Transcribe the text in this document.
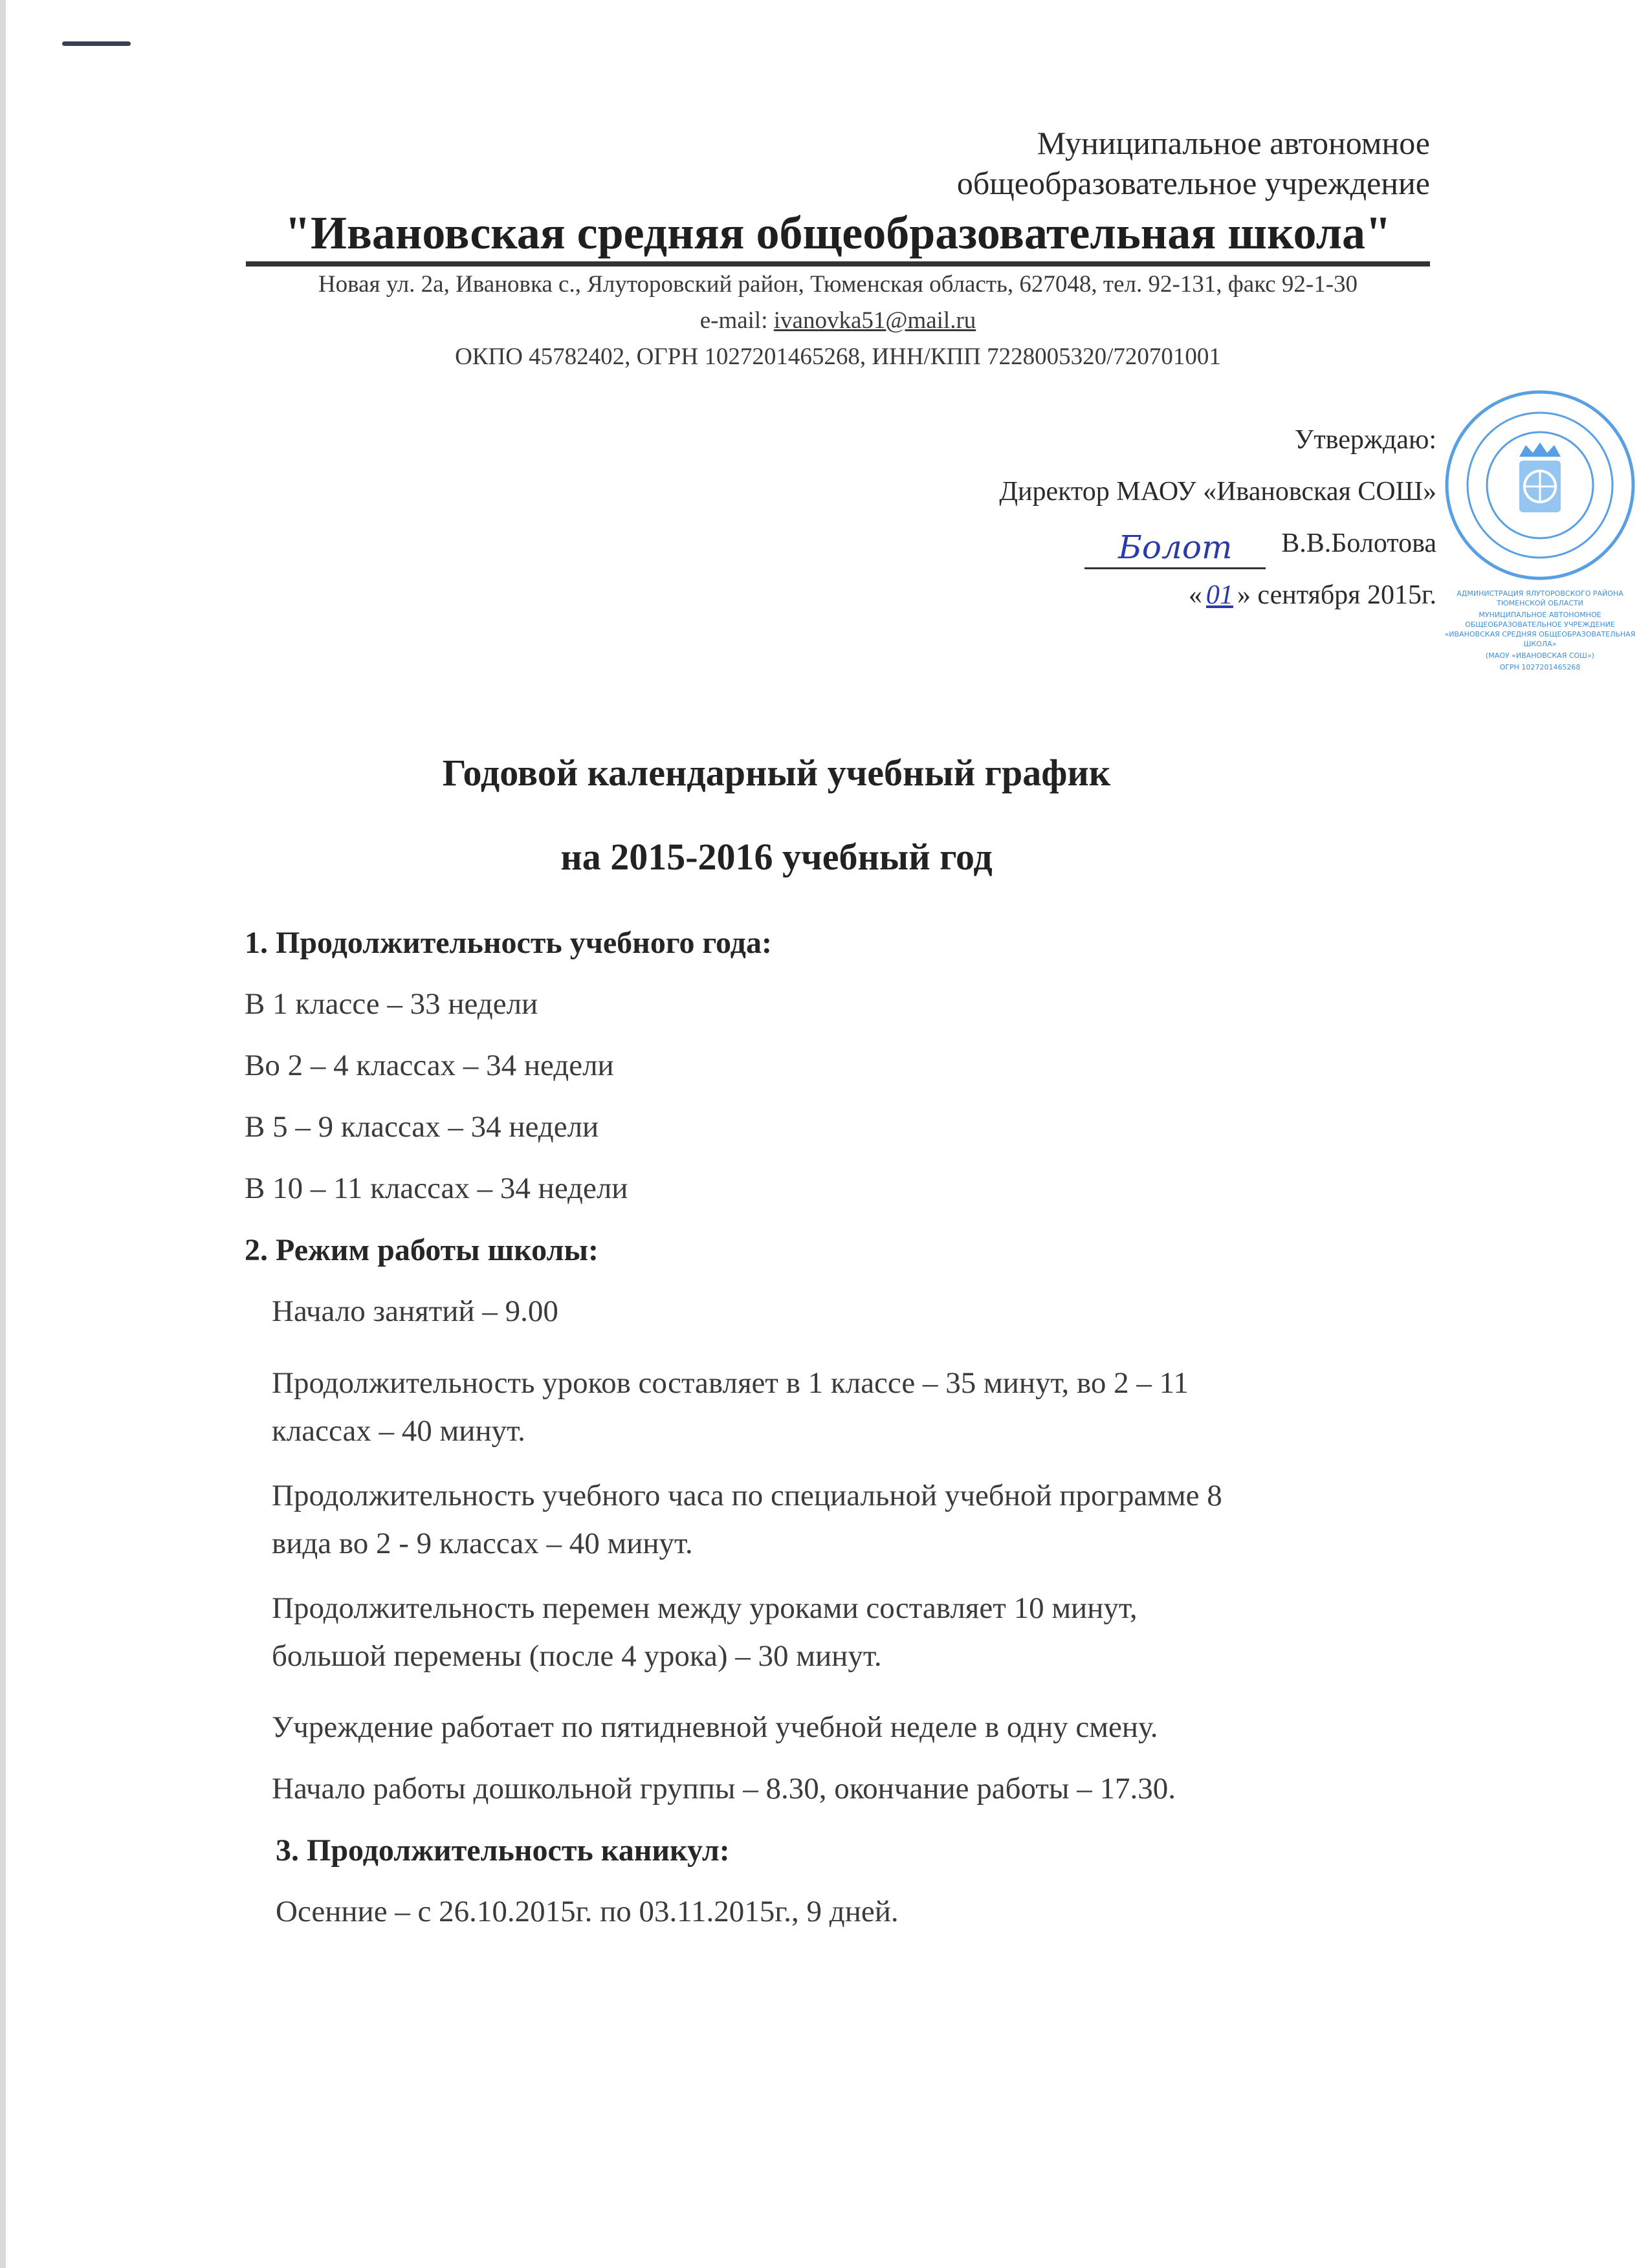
Муниципальное автономное
общеобразовательное учреждение
"Ивановская средняя общеобразовательная школа"
Новая ул. 2а, Ивановка с., Ялуторовский район, Тюменская область, 627048, тел. 92-131, факс 92-1-30
e-mail: ivanovka51@mail.ru
ОКПО 45782402, ОГРН 1027201465268, ИНН/КПП 7228005320/720701001
Утверждаю:
Директор МАОУ «Ивановская СОШ»
Болот	В.В.Болотова
« 01 » сентября 2015г.	АДМИНИСТРАЦИЯ ЯЛУТОРОВСКОГО РАЙОНА ТЮМЕНСКОЙ ОБЛАСТИ
МУНИЦИПАЛЬНОЕ АВТОНОМНОЕ ОБЩЕОБРАЗОВАТЕЛЬНОЕ УЧРЕЖДЕНИЕ «ИВАНОВСКАЯ СРЕДНЯЯ ОБЩЕОБРАЗОВАТЕЛЬНАЯ ШКОЛА»
(МАОУ «ИВАНОВСКАЯ СОШ»)
ОГРН 1027201465268
Годовой календарный учебный график
на 2015-2016 учебный год
1. Продолжительность учебного года:
В 1 классе – 33 недели
Во 2 – 4 классах – 34 недели
В 5 – 9 классах – 34 недели
В 10 – 11 классах – 34 недели
2. Режим работы школы:
Начало занятий – 9.00
Продолжительность уроков составляет в 1 классе – 35 минут, во 2 – 11
классах – 40 минут.
Продолжительность учебного часа по специальной учебной программе 8
вида во 2 - 9 классах – 40 минут.
Продолжительность перемен между уроками составляет 10 минут,
большой перемены (после 4 урока) – 30 минут.
Учреждение работает по пятидневной учебной неделе в одну смену.
Начало работы дошкольной группы – 8.30, окончание работы – 17.30.
3. Продолжительность каникул:
Осенние – с 26.10.2015г. по 03.11.2015г., 9 дней.
